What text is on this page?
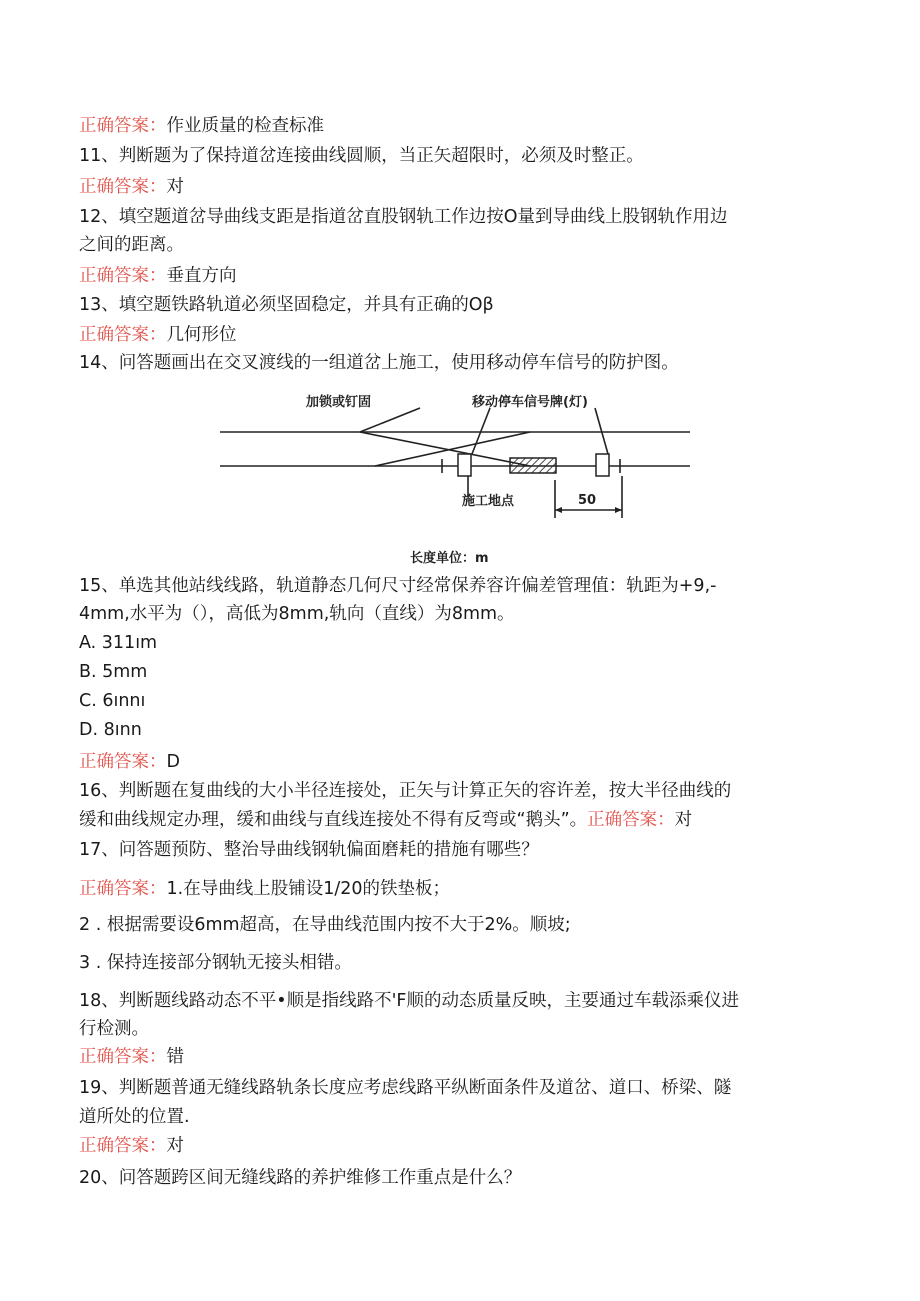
正确答案：作业质量的检查标准
11、判断题为了保持道岔连接曲线圆顺，当正矢超限时，必须及时整正。
正确答案：对
12、填空题道岔导曲线支距是指道岔直股钢轨工作边按O量到导曲线上股钢轨作用边
之间的距离。
正确答案：垂直方向
13、填空题铁路轨道必须坚固稳定，并具有正确的Oβ
正确答案：几何形位
14、问答题画出在交叉渡线的一组道岔上施工，使用移动停车信号的防护图。
加锁或钉固	移动停车信号牌(灯)
施工地点	50
长度单位：m
15、单选其他站线线路，轨道静态几何尺寸经常保养容许偏差管理值：轨距为+9,-
4mm,水平为（），高低为8mm,轨向（直线）为8mm。
A. 311ım
B. 5mm
C. 6ınnı
D. 8ınn
正确答案：D
16、判断题在复曲线的大小半径连接处，正矢与计算正矢的容许差，按大半径曲线的
缓和曲线规定办理，缓和曲线与直线连接处不得有反弯或“鹅头”。正确答案：对
17、问答题预防、整治导曲线钢轨偏面磨耗的措施有哪些？
正确答案：1.在导曲线上股铺设1/20的铁垫板；
2 . 根据需要设6mm超高，在导曲线范围内按不大于2%。顺坡;
3 . 保持连接部分钢轨无接头相错。
18、判断题线路动态不平•顺是指线路不'F顺的动态质量反映，主要通过车载添乘仪进
行检测。
正确答案：错
19、判断题普通无缝线路轨条长度应考虑线路平纵断面条件及道岔、道口、桥梁、隧
道所处的位置.
正确答案：对
20、问答题跨区间无缝线路的养护维修工作重点是什么？
